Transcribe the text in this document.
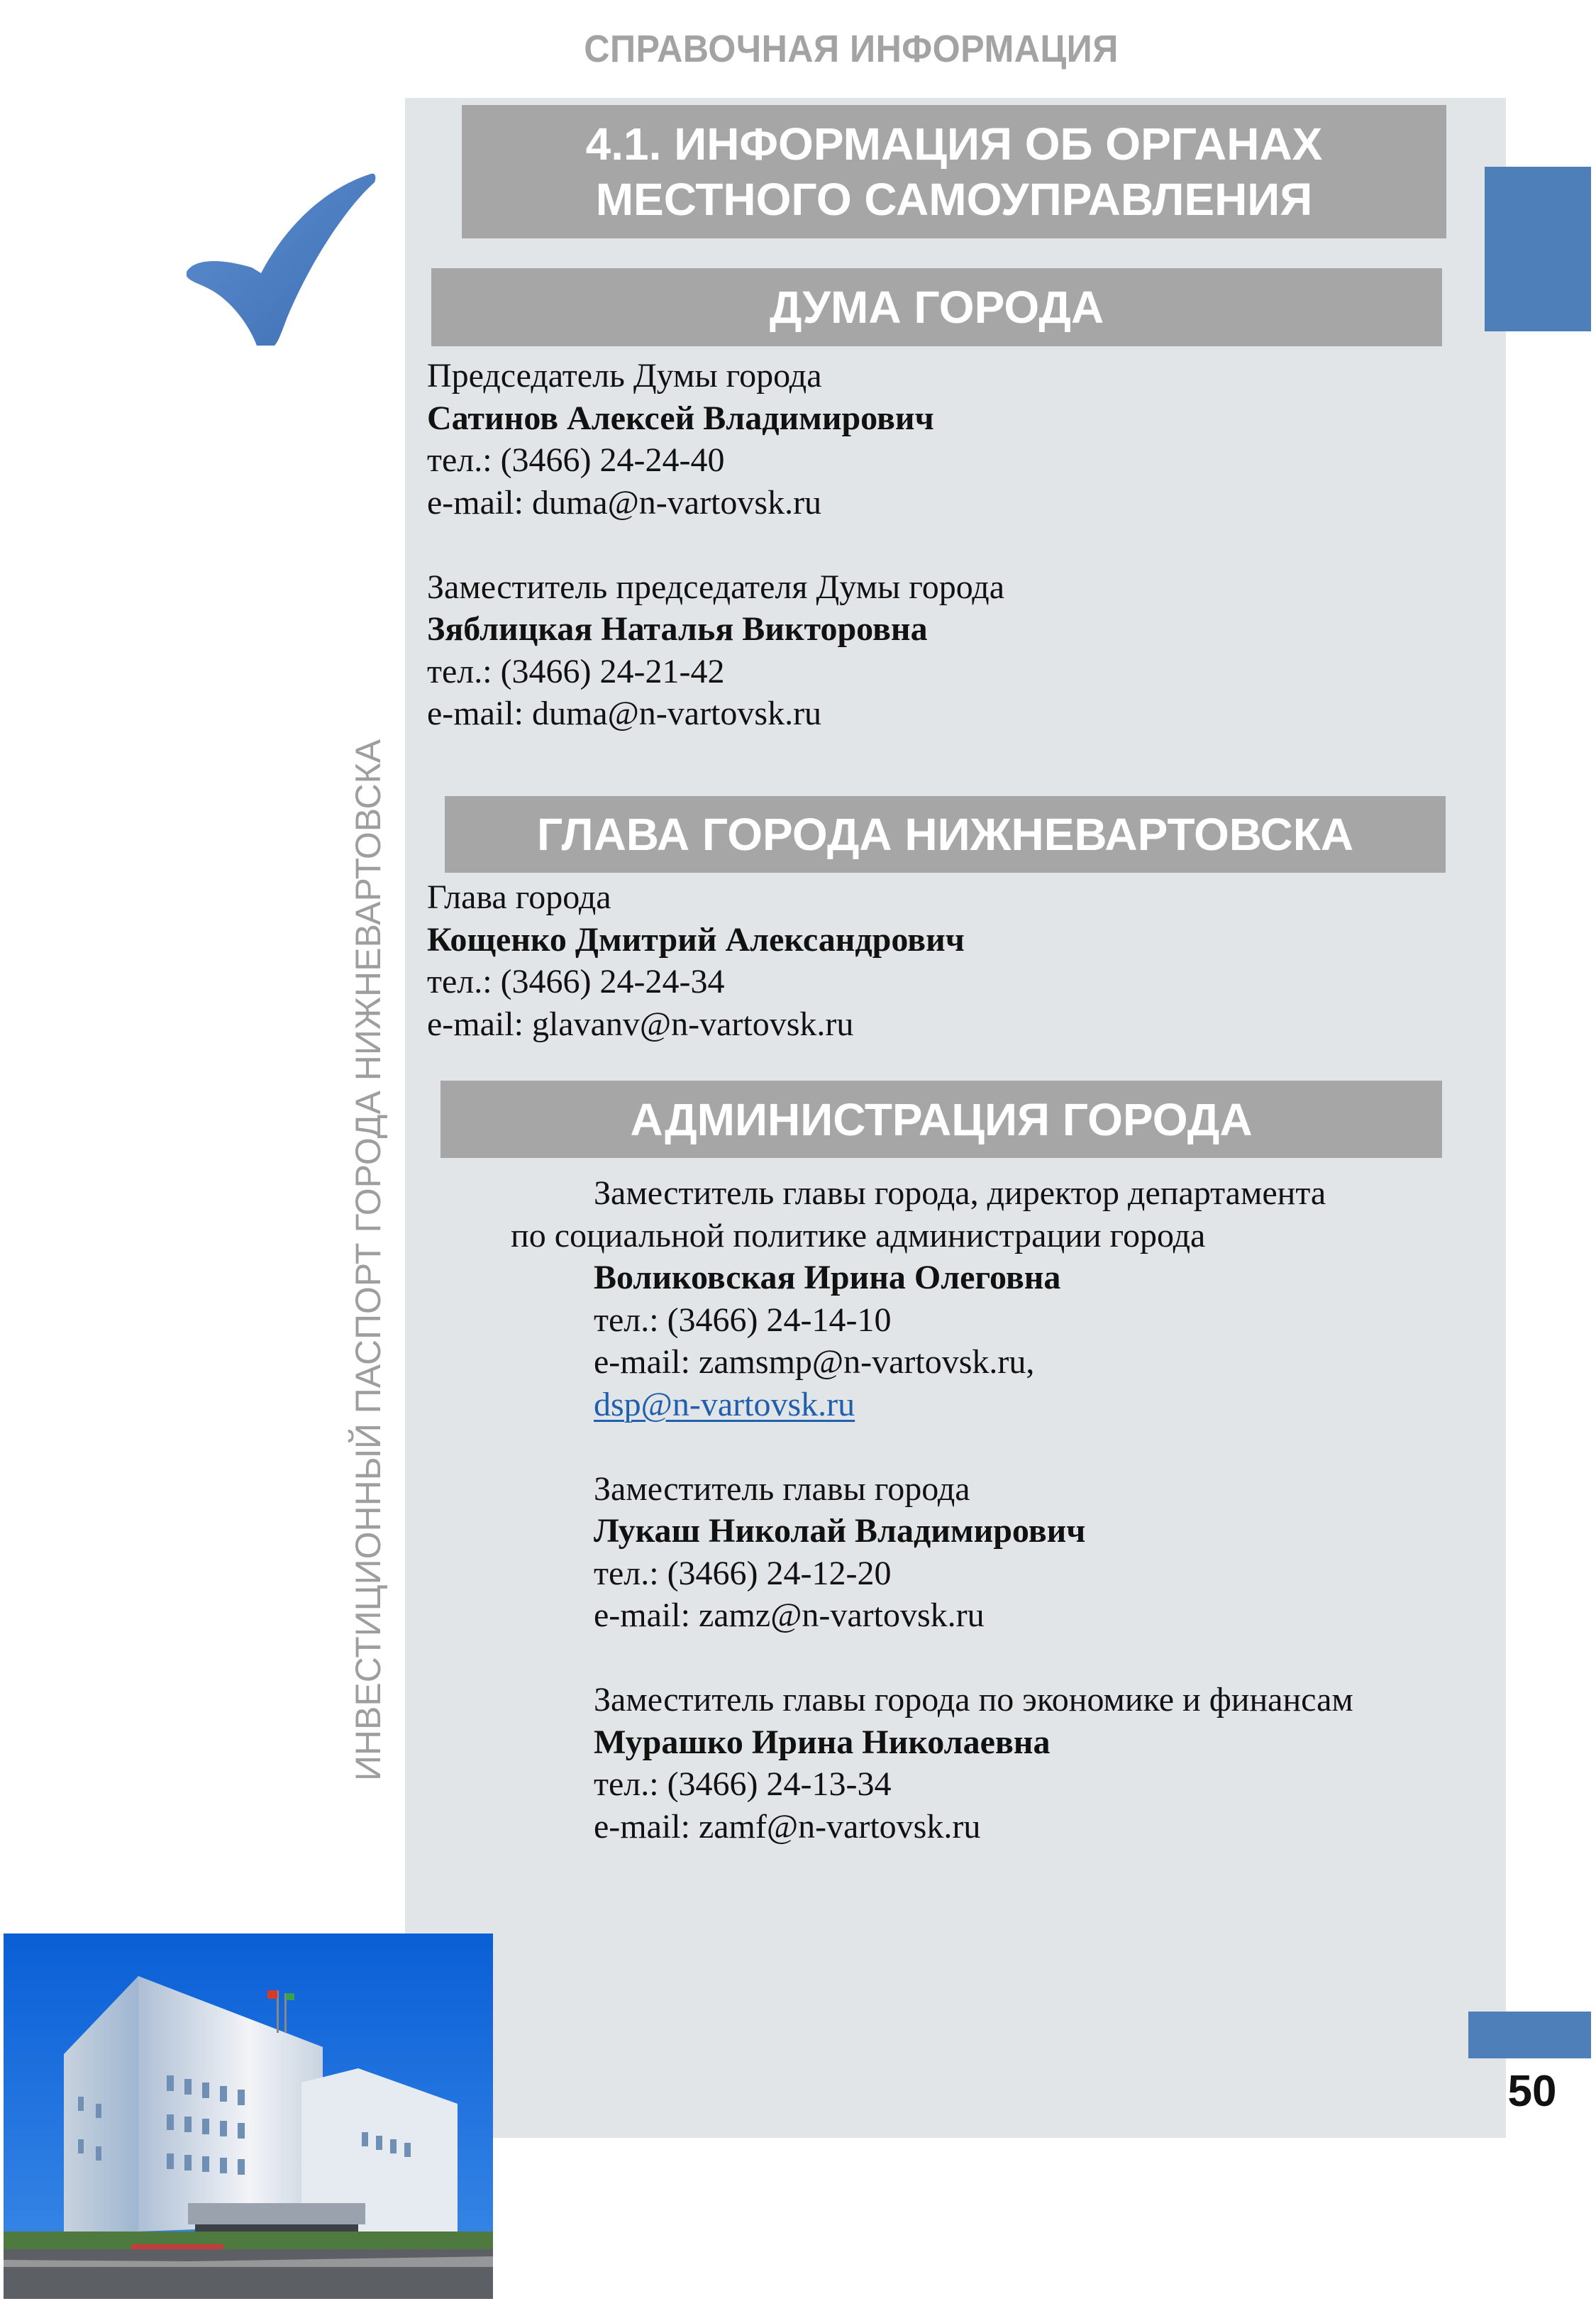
СПРАВОЧНАЯ ИНФОРМАЦИЯ
50
ИНВЕСТИЦИОННЫЙ ПАСПОРТ ГОРОДА НИЖНЕВАРТОВСКА
4.1. ИНФОРМАЦИЯ ОБ ОРГАНАХ
МЕСТНОГО САМОУПРАВЛЕНИЯ
ДУМА ГОРОДА
Председатель Думы города
Сатинов Алексей Владимирович
тел.: (3466) 24-24-40
e-mail: duma@n-vartovsk.ru
Заместитель председателя Думы города
Зяблицкая Наталья Викторовна
тел.: (3466) 24-21-42
e-mail: duma@n-vartovsk.ru
ГЛАВА ГОРОДА НИЖНЕВАРТОВСКА
Глава города
Кощенко Дмитрий Александрович
тел.: (3466) 24-24-34
e-mail: glavanv@n-vartovsk.ru
АДМИНИСТРАЦИЯ ГОРОДА
Заместитель главы города, директор департамента
по социальной политике администрации города
Воликовская Ирина Олеговна
тел.: (3466) 24-14-10
e-mail: zamsmp@n-vartovsk.ru,
dsp@n-vartovsk.ru
Заместитель главы города
Лукаш Николай Владимирович
тел.: (3466) 24-12-20
e-mail: zamz@n-vartovsk.ru
Заместитель главы города по экономике и финансам
Мурашко Ирина Николаевна
тел.: (3466) 24-13-34
e-mail: zamf@n-vartovsk.ru
